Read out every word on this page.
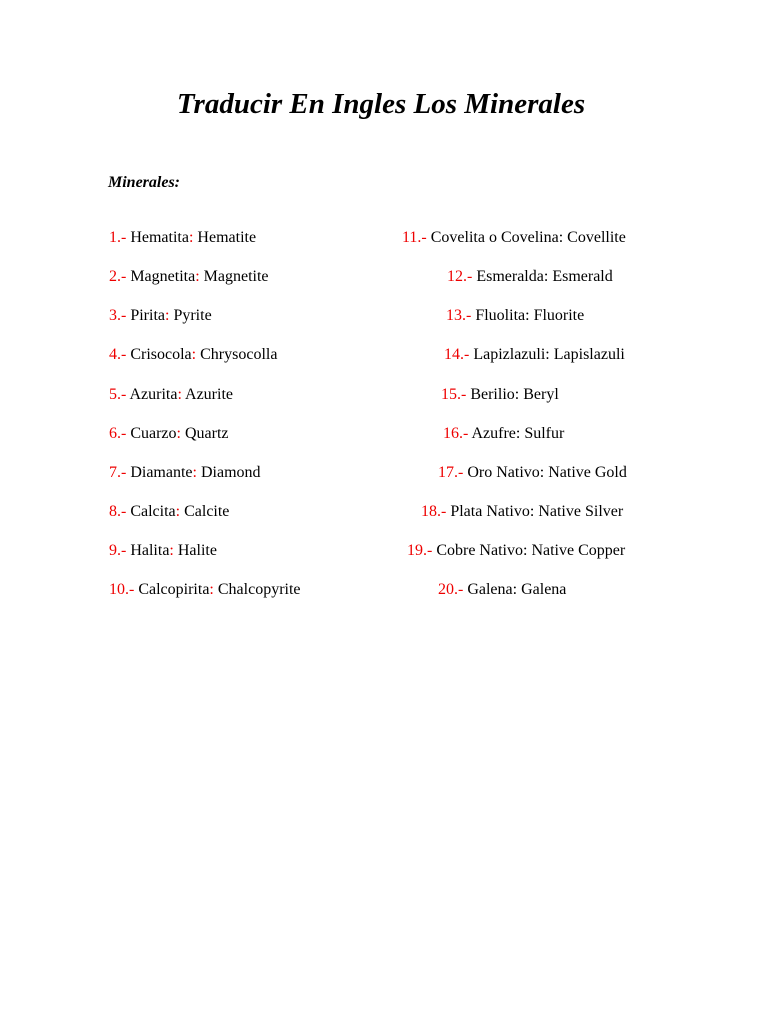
Traducir En Ingles Los Minerales
Minerales:
1.- Hematita: Hematite
2.- Magnetita: Magnetite
3.- Pirita: Pyrite
4.- Crisocola: Chrysocolla
5.- Azurita: Azurite
6.- Cuarzo: Quartz
7.- Diamante: Diamond
8.- Calcita: Calcite
9.- Halita: Halite
10.- Calcopirita: Chalcopyrite
11.- Covelita o Covelina: Covellite
12.- Esmeralda: Esmerald
13.- Fluolita: Fluorite
14.- Lapizlazuli: Lapislazuli
15.- Berilio: Beryl
16.- Azufre: Sulfur
17.- Oro Nativo: Native Gold
18.- Plata Nativo: Native Silver
19.- Cobre Nativo: Native Copper
20.- Galena: Galena
